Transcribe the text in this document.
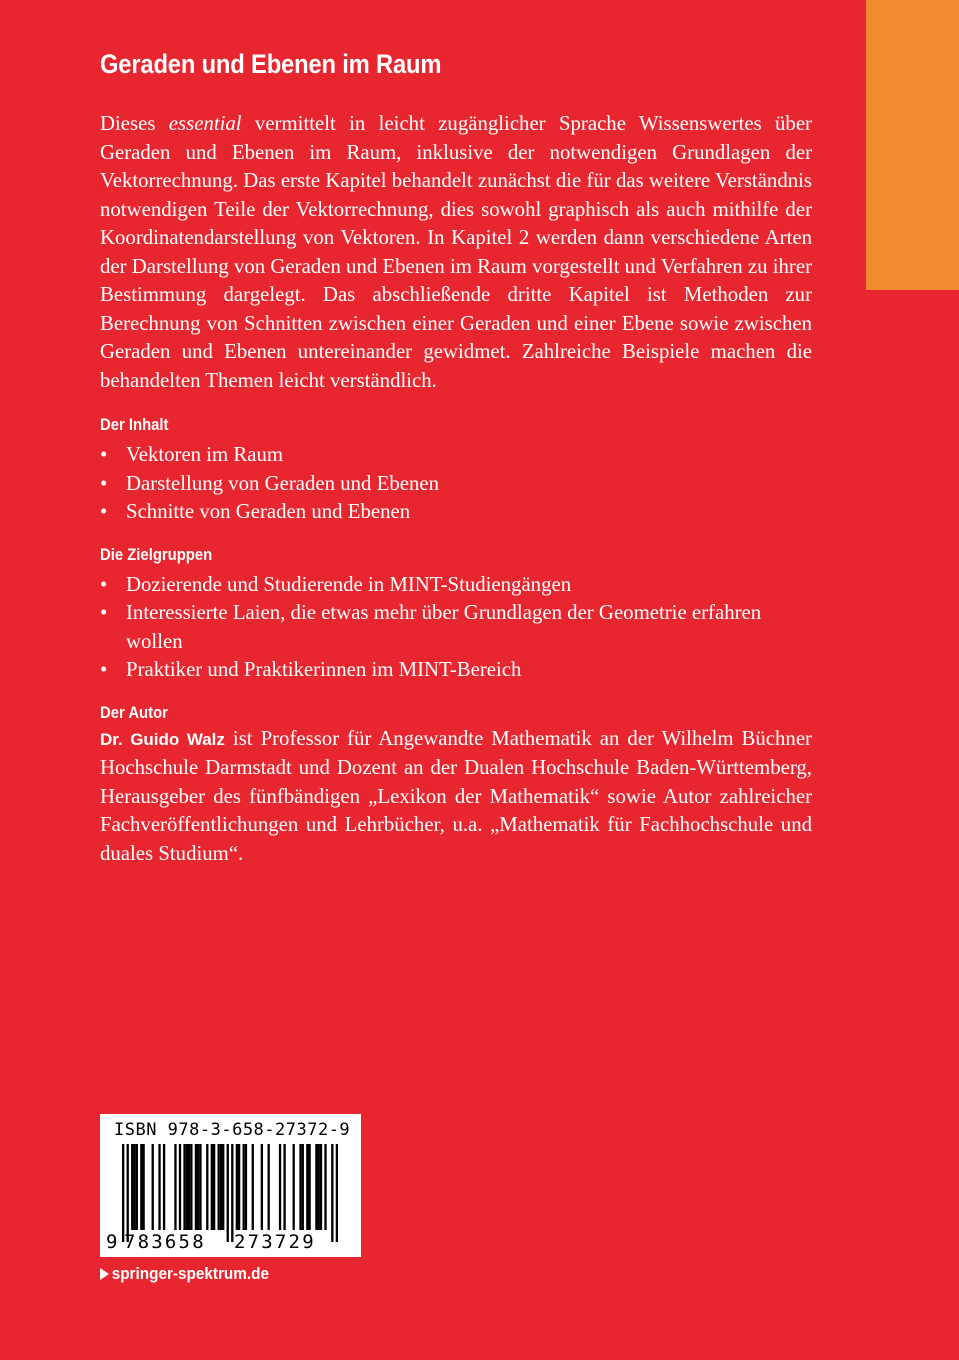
Geraden und Ebenen im Raum

Dieses essential vermittelt in leicht zugänglicher Sprache Wissenswertes über Geraden und Ebenen im Raum, inklusive der notwendigen Grundlagen der Vektorrechnung. Das erste Kapitel behandelt zunächst die für das weitere Verständnis notwendigen Teile der Vektorrechnung, dies sowohl graphisch als auch mithilfe der Koordinatendarstellung von Vektoren. In Kapitel 2 werden dann verschiedene Arten der Darstellung von Geraden und Ebenen im Raum vorgestellt und Verfahren zu ihrer Bestimmung dargelegt. Das abschließende dritte Kapitel ist Methoden zur Berechnung von Schnitten zwischen einer Geraden und einer Ebene sowie zwischen Geraden und Ebenen untereinander gewidmet. Zahlreiche Beispiele machen die behandelten Themen leicht verständlich.

Der Inhalt
• Vektoren im Raum
• Darstellung von Geraden und Ebenen
• Schnitte von Geraden und Ebenen
Die Zielgruppen
• Dozierende und Studierende in MINT-Studiengängen
• Interessierte Laien, die etwas mehr über Grundlagen der Geometrie erfahren wollen
• Praktiker und Praktikerinnen im MINT-Bereich
Der Autor

Dr. Guido Walz ist Professor für Angewandte Mathematik an der Wilhelm Büchner Hochschule Darmstadt und Dozent an der Dualen Hochschule Baden-Württemberg, Herausgeber des fünfbändigen „Lexikon der Mathematik“ sowie Autor zahlreicher Fachveröffentlichungen und Lehrbücher, u.a. „Mathematik für Fachhochschule und duales Studium“.

ISBN 978-3-658-27372-9
9 783658 273729
springer-spektrum.de
